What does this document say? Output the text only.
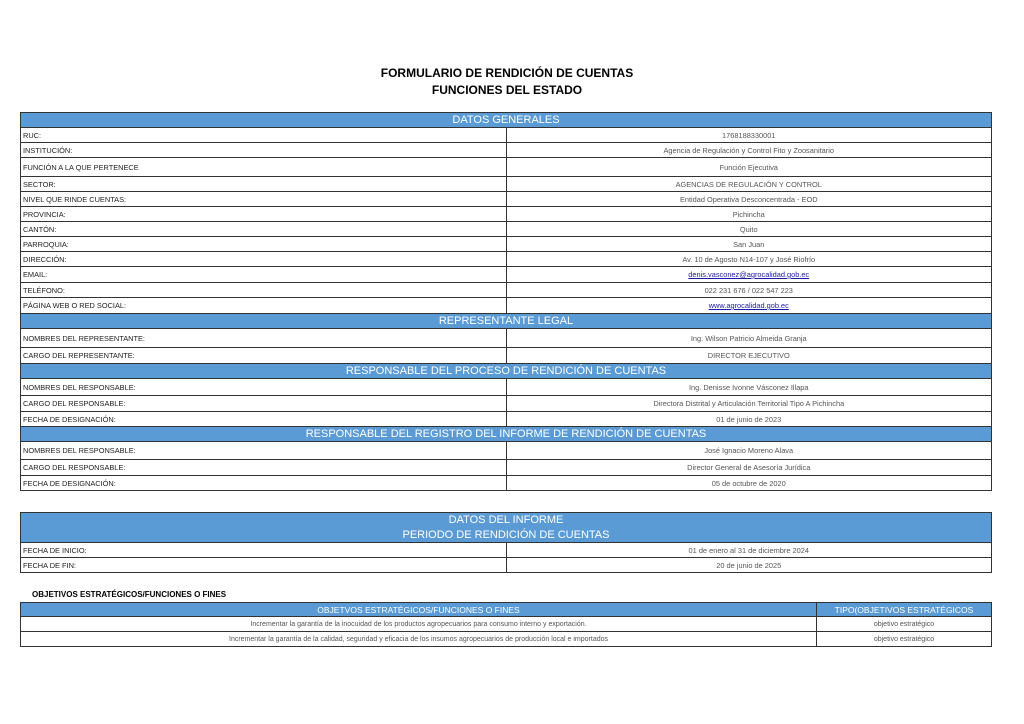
FORMULARIO DE RENDICIÓN DE CUENTAS
FUNCIONES DEL ESTADO
DATOS GENERALES	
RUC:	1768188330001
INSTITUCIÓN:	Agencia de Regulación y Control Fito y Zoosanitario
FUNCIÓN A LA QUE PERTENECE	Función Ejecutiva
SECTOR:	AGENCIAS DE REGULACIÓN Y CONTROL
NIVEL QUE RINDE CUENTAS:	Entidad Operativa Desconcentrada - EOD
PROVINCIA:	Pichincha
CANTÓN:	Quito
PARROQUIA:	San Juan
DIRECCIÓN:	Av. 10 de Agosto N14-107 y José Riofrío
EMAIL:	denis.vasconez@agrocalidad.gob.ec
TELÉFONO:	022 231 676 / 022 547 223
PÁGINA WEB O RED SOCIAL:	www.agrocalidad.gob.ec
REPRESENTANTE LEGAL	
NOMBRES DEL REPRESENTANTE:	Ing. Wilson Patricio Almeida Granja
CARGO DEL REPRESENTANTE:	DIRECTOR EJECUTIVO
RESPONSABLE DEL PROCESO DE RENDICIÓN DE CUENTAS	
NOMBRES DEL RESPONSABLE:	Ing. Denisse Ivonne Vásconez Illapa
CARGO DEL RESPONSABLE:	Directora Distrital y Articulación Territorial Tipo A Pichincha
FECHA DE DESIGNACIÓN:	01 de junio de 2023
RESPONSABLE DEL REGISTRO DEL INFORME DE RENDICIÓN DE CUENTAS	
NOMBRES DEL RESPONSABLE:	José Ignacio Moreno Alava
CARGO DEL RESPONSABLE:	Director General de Asesoría Jurídica
FECHA DE DESIGNACIÓN:	05 de octubre de 2020
DATOS DEL INFORME	
PERIODO DE RENDICIÓN DE CUENTAS	
FECHA DE INICIO:	01 de enero al 31 de diciembre 2024
FECHA DE FIN:	20 de junio de 2025
OBJETIVOS ESTRATÉGICOS/FUNCIONES O FINES
OBJETVOS ESTRATÉGICOS/FUNCIONES O FINES	TIPO(OBJETIVOS ESTRATÉGICOS
Incrementar la garantía de la inocuidad de los productos agropecuarios para consumo interno y exportación.	objetivo estratégico
Incrementar la garantía de la calidad, seguridad y eficacia de los insumos agropecuarios de producción local e importados	objetivo estratégico
